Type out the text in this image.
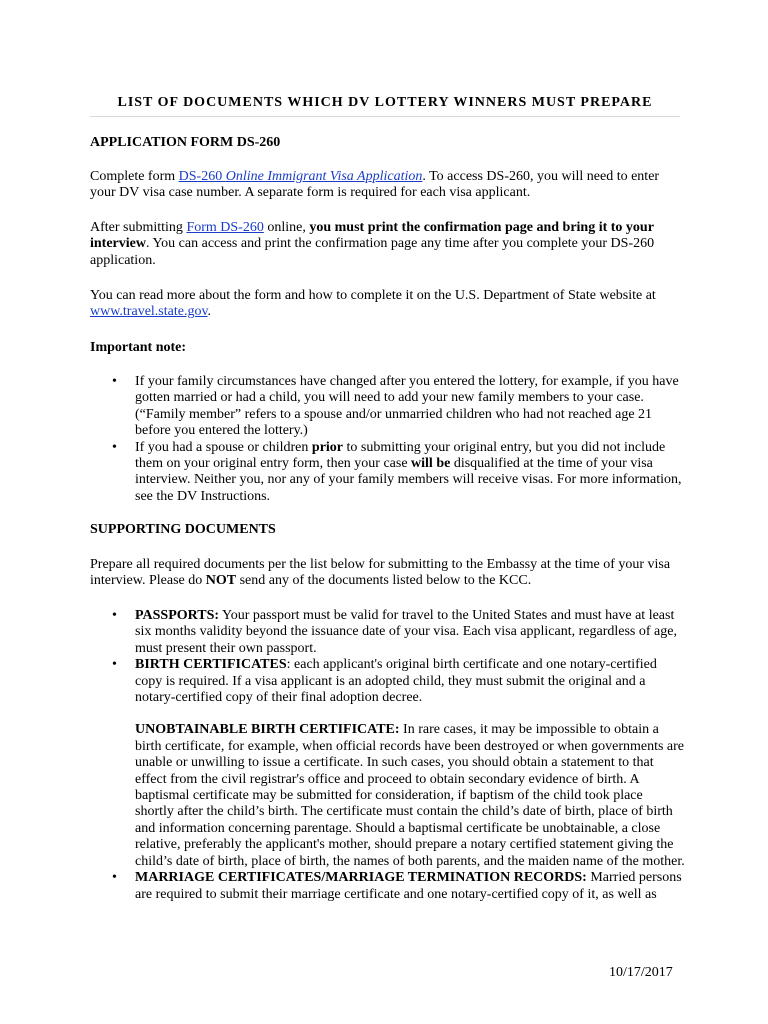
LIST OF DOCUMENTS WHICH DV LOTTERY WINNERS MUST PREPARE
APPLICATION FORM DS-260

Complete form DS-260 Online Immigrant Visa Application. To access DS-260, you will need to enter your DV visa case number. A separate form is required for each visa applicant.

After submitting Form DS-260 online, you must print the confirmation page and bring it to your interview. You can access and print the confirmation page any time after you complete your DS-260 application.

You can read more about the form and how to complete it on the U.S. Department of State website at www.travel.state.gov.

Important note:
• If your family circumstances have changed after you entered the lottery, for example, if you have gotten married or had a child, you will need to add your new family members to your case. (“Family member” refers to a spouse and/or unmarried children who had not reached age 21 before you entered the lottery.)
• If you had a spouse or children prior to submitting your original entry, but you did not include them on your original entry form, then your case will be disqualified at the time of your visa interview. Neither you, nor any of your family members will receive visas. For more information, see the DV Instructions.
SUPPORTING DOCUMENTS

Prepare all required documents per the list below for submitting to the Embassy at the time of your visa interview. Please do NOT send any of the documents listed below to the KCC.

• PASSPORTS: Your passport must be valid for travel to the United States and must have at least six months validity beyond the issuance date of your visa. Each visa applicant, regardless of age, must present their own passport.
• BIRTH CERTIFICATES: each applicant's original birth certificate and one notary-certified copy is required. If a visa applicant is an adopted child, they must submit the original and a notary-certified copy of their final adoption decree.

UNOBTAINABLE BIRTH CERTIFICATE: In rare cases, it may be impossible to obtain a birth certificate, for example, when official records have been destroyed or when governments are unable or unwilling to issue a certificate. In such cases, you should obtain a statement to that effect from the civil registrar's office and proceed to obtain secondary evidence of birth. A baptismal certificate may be submitted for consideration, if baptism of the child took place shortly after the child’s birth. The certificate must contain the child’s date of birth, place of birth and information concerning parentage. Should a baptismal certificate be unobtainable, a close relative, preferably the applicant's mother, should prepare a notary certified statement giving the child’s date of birth, place of birth, the names of both parents, and the maiden name of the mother.

• MARRIAGE CERTIFICATES/MARRIAGE TERMINATION RECORDS: Married persons are required to submit their marriage certificate and one notary-certified copy of it, as well as
10/17/2017
